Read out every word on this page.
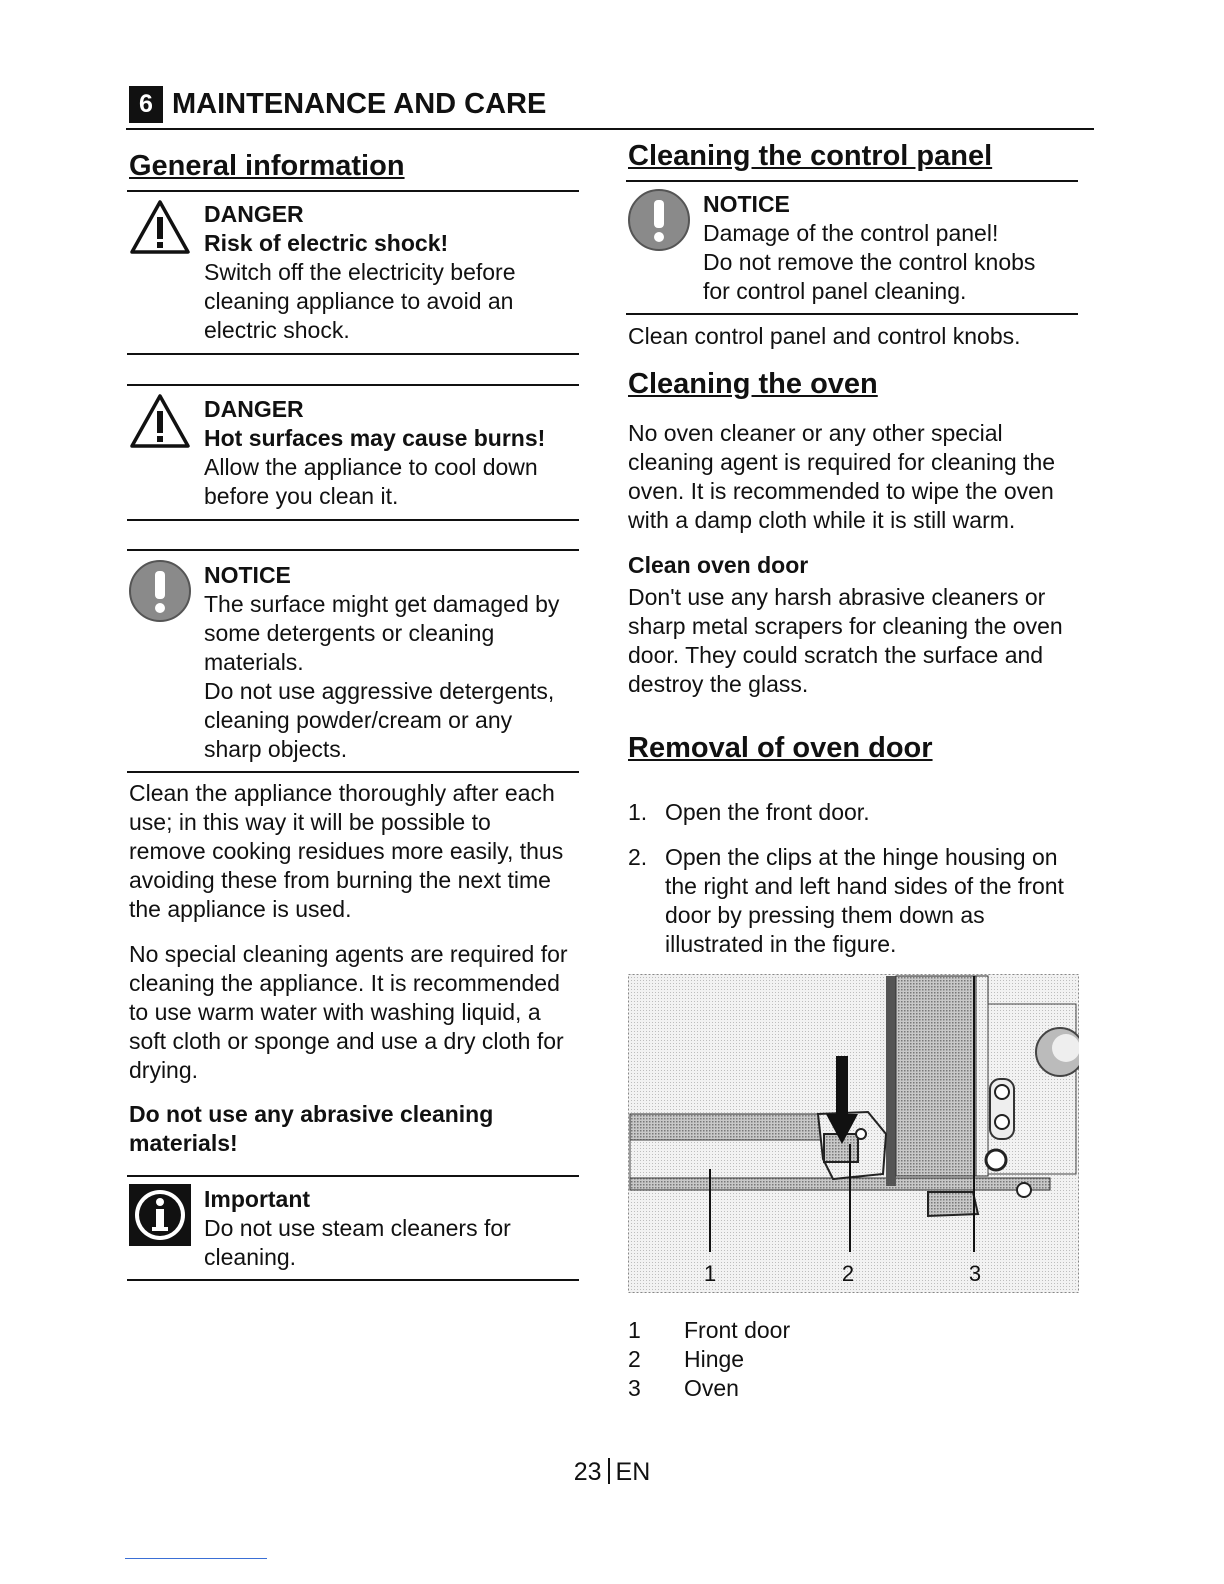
6 MAINTENANCE AND CARE
General information
DANGER
Risk of electric shock!
Switch off the electricity before
cleaning appliance to avoid an
electric shock.
DANGER
Hot surfaces may cause burns!
Allow the appliance to cool down
before you clean it.
NOTICE
The surface might get damaged by
some detergents or cleaning
materials.
Do not use aggressive detergents,
cleaning powder/cream or any
sharp objects.
Clean the appliance thoroughly after each
use; in this way it will be possible to
remove cooking residues more easily, thus
avoiding these from burning the next time
the appliance is used.
No special cleaning agents are required for
cleaning the appliance. It is recommended
to use warm water with washing liquid, a
soft cloth or sponge and use a dry cloth for
drying.
Do not use any abrasive cleaning
materials!
Important
Do not use steam cleaners for
cleaning.
Cleaning the control panel
NOTICE
Damage of the control panel!
Do not remove the control knobs
for control panel cleaning.
Clean control panel and control knobs.
Cleaning the oven
No oven cleaner or any other special
cleaning agent is required for cleaning the
oven. It is recommended to wipe the oven
with a damp cloth while it is still warm.
Clean oven door
Don't use any harsh abrasive cleaners or
sharp metal scrapers for cleaning the oven
door. They could scratch the surface and
destroy the glass.
Removal of oven door
1. Open the front door.
2. Open the clips at the hinge housing on
the right and left hand sides of the front
door by pressing them down as
illustrated in the figure.
1	2	3
1 Front door
2 Hinge
3 Oven
23 EN
